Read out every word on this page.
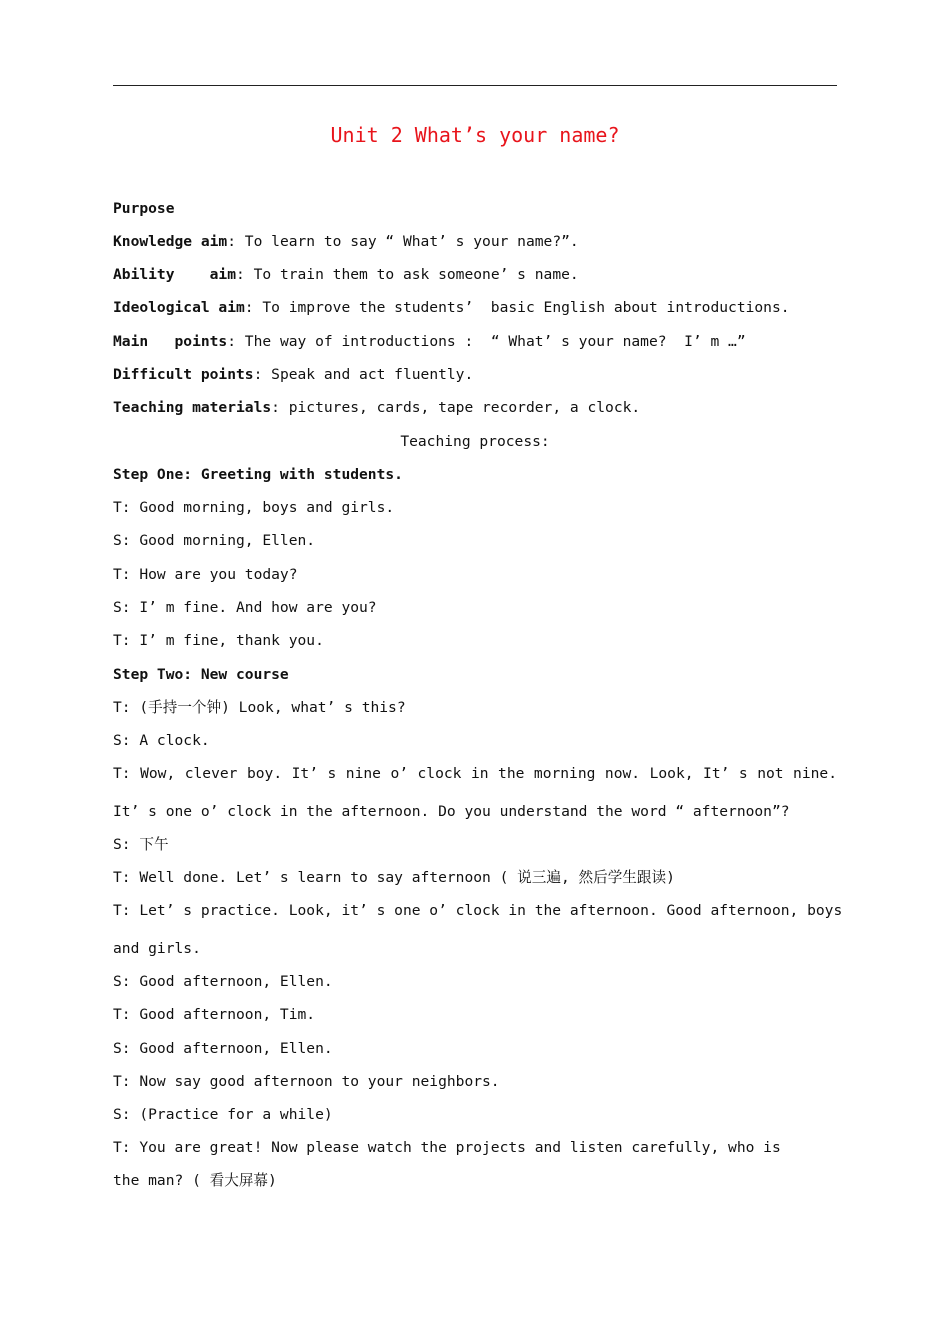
Unit 2 What’s your name?
Purpose
Knowledge aim: To learn to say “ What’ s your name?”.
Ability    aim: To train them to ask someone’ s name.
Ideological aim: To improve the students’  basic English about introductions.
Main   points: The way of introductions :  “ What’ s your name?  I’ m …”
Difficult points: Speak and act fluently.
Teaching materials: pictures, cards, tape recorder, a clock.
Teaching process:
Step One: Greeting with students.
T: Good morning, boys and girls.
S: Good morning, Ellen.
T: How are you today?
S: I’ m fine. And how are you?
T: I’ m fine, thank you.
Step Two: New course
T: (手持一个钟) Look, what’ s this?
S: A clock.
T: Wow, clever boy. It’ s nine o’ clock in the morning now. Look, It’ s not nine.
It’ s one o’ clock in the afternoon. Do you understand the word “ afternoon”?
S: 下午
T: Well done. Let’ s learn to say afternoon ( 说三遍, 然后学生跟读)
T: Let’ s practice. Look, it’ s one o’ clock in the afternoon. Good afternoon, boys
and girls.
S: Good afternoon, Ellen.
T: Good afternoon, Tim.
S: Good afternoon, Ellen.
T: Now say good afternoon to your neighbors.
S: (Practice for a while)
T: You are great! Now please watch the projects and listen carefully, who is
the man? ( 看大屏幕)
